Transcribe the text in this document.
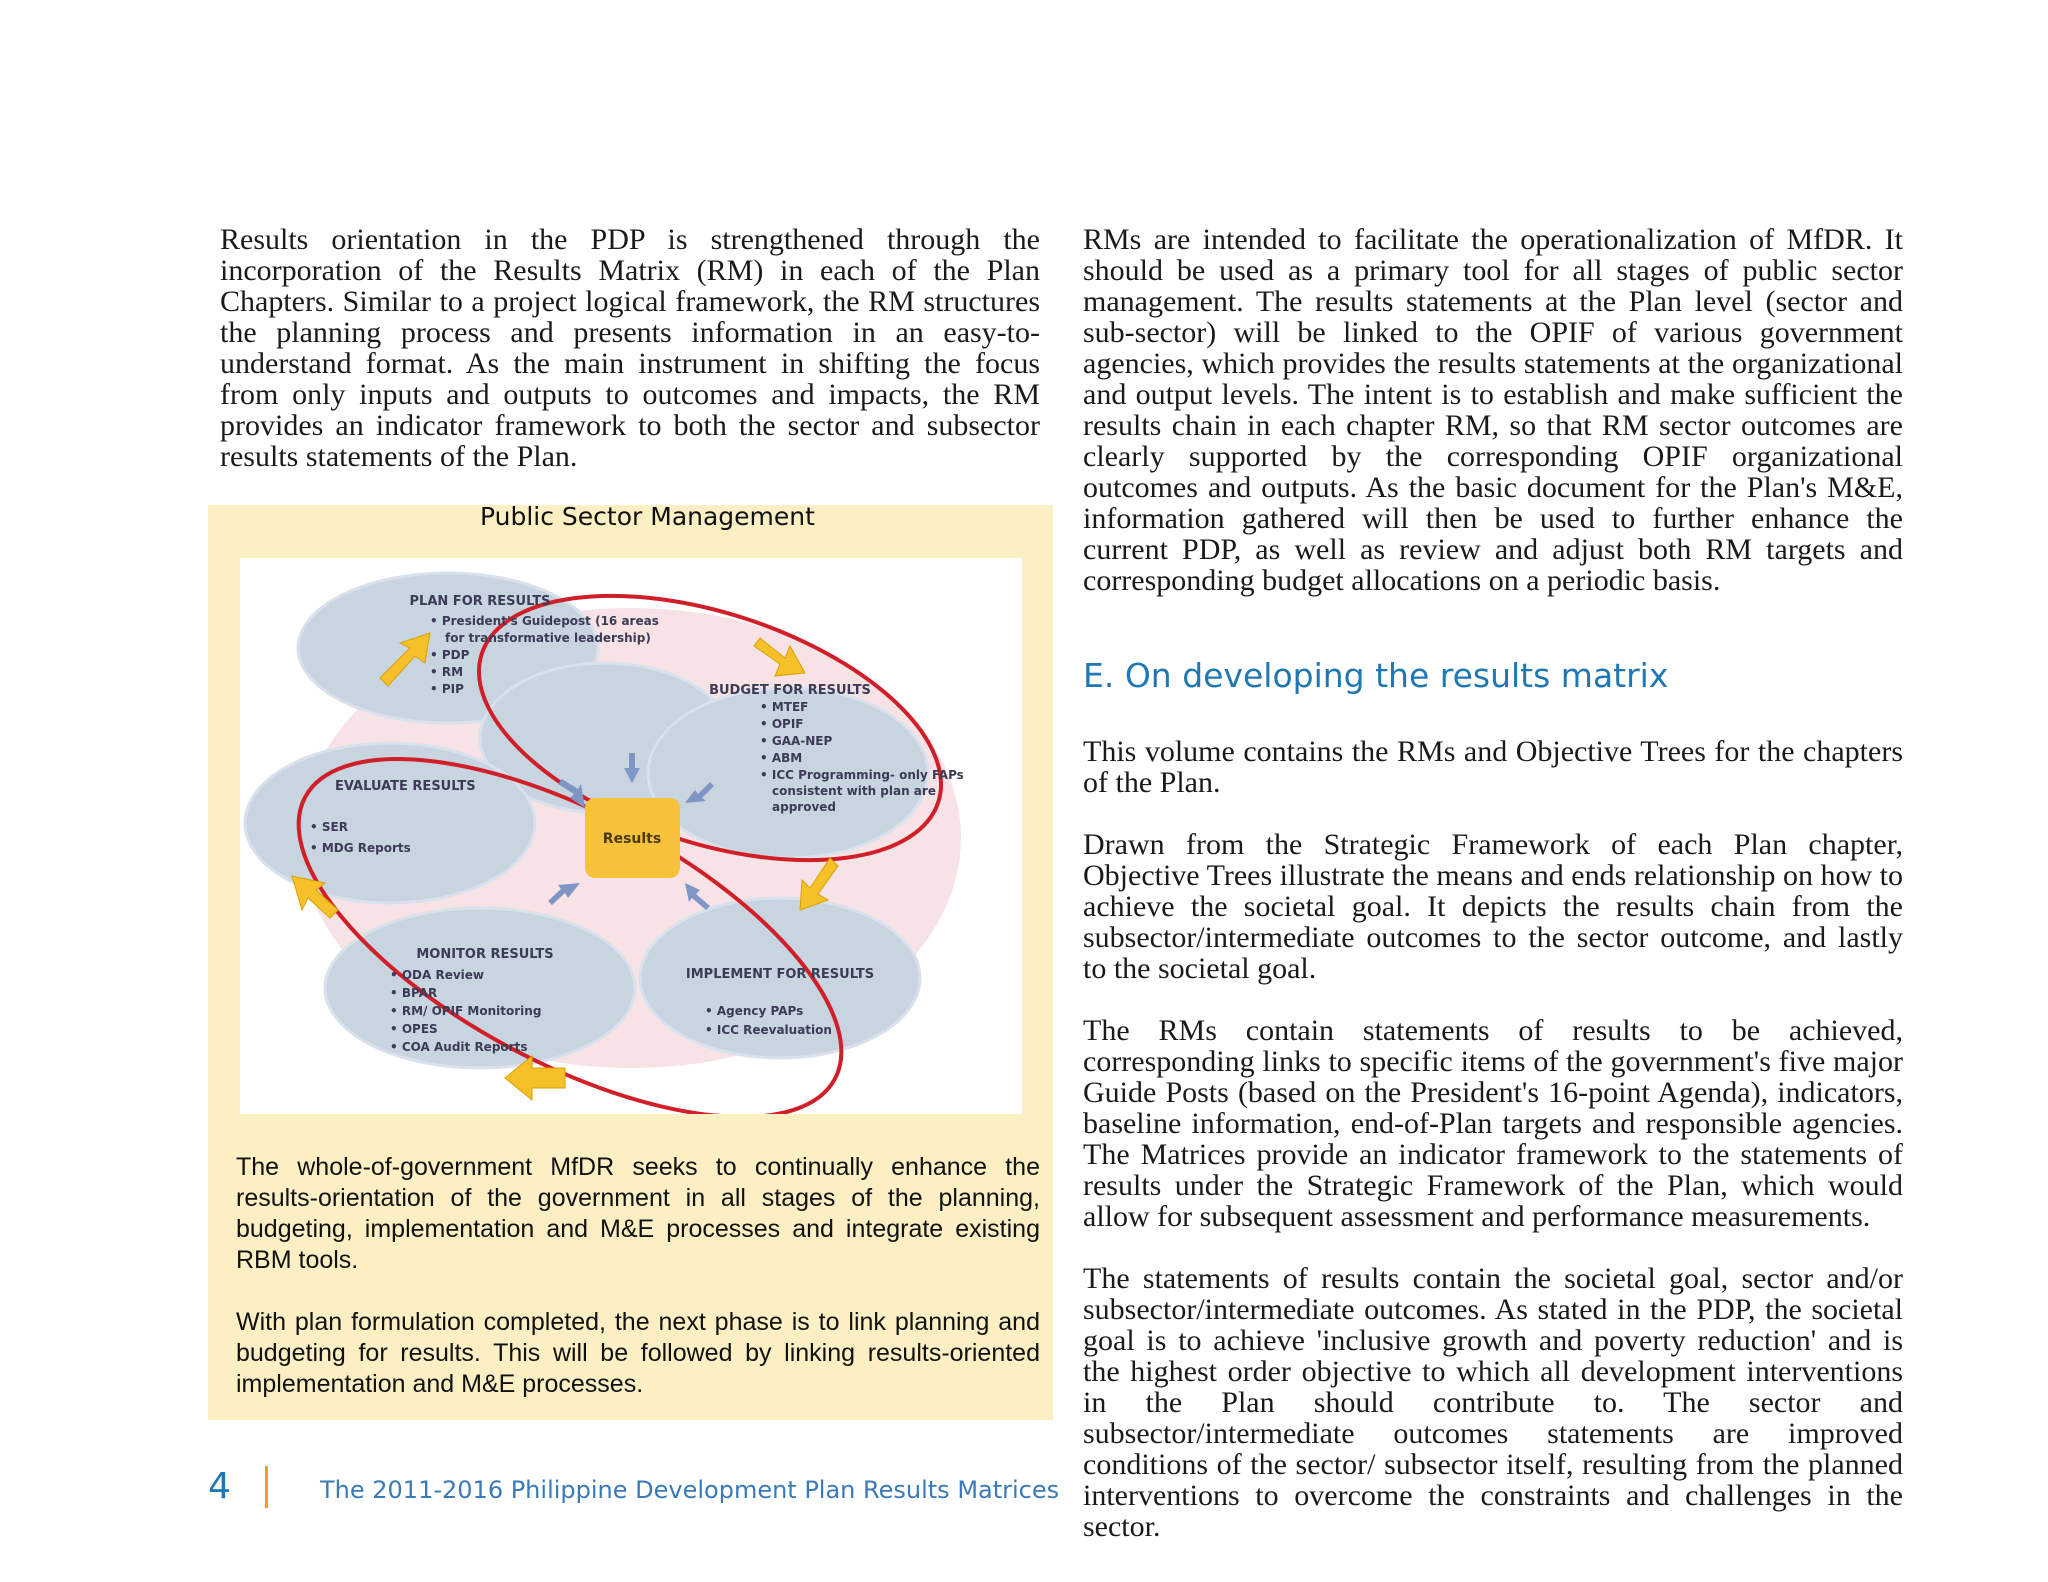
Results orientation in the PDP is strengthened through the incorporation of the Results Matrix (RM) in each of the Plan Chapters. Similar to a project logical framework, the RM structures the planning process and presents information in an easy-to-understand format. As the main instrument in shifting the focus from only inputs and outputs to outcomes and impacts, the RM provides an indicator framework to both the sector and subsector results statements of the Plan.

Public Sector Management
Results
PLAN FOR RESULTS
• President's Guidepost (16 areas
for transformative leadership)
• PDP
• RM
• PIP	BUDGET FOR RESULTS
• MTEF
• OPIF
• GAA-NEP
• ABM
• ICC Programming- only FAPs
consistent with plan are
approved
EVALUATE RESULTS
• SER
• MDG Reports
MONITOR RESULTS
• ODA Review
• BPAR
• RM/ OPIF Monitoring
• OPES
• COA Audit Reports
IMPLEMENT FOR RESULTS
• Agency PAPs
• ICC Reevaluation

The whole-of-government MfDR seeks to continually enhance the results-orientation of the government in all stages of the planning, budgeting, implementation and M&E processes and integrate existing RBM tools.

With plan formulation completed, the next phase is to link planning and budgeting for results. This will be followed by linking results-oriented implementation and M&E processes.

RMs are intended to facilitate the operationalization of MfDR. It should be used as a primary tool for all stages of public sector management. The results statements at the Plan level (sector and sub-sector) will be linked to the OPIF of various government agencies, which provides the results statements at the organizational and output levels. The intent is to establish and make sufficient the results chain in each chapter RM, so that RM sector outcomes are clearly supported by the corresponding OPIF organizational outcomes and outputs. As the basic document for the Plan's M&E, information gathered will then be used to further enhance the current PDP, as well as review and adjust both RM targets and corresponding budget allocations on a periodic basis.

E. On developing the results matrix

This volume contains the RMs and Objective Trees for the chapters of the Plan.

Drawn from the Strategic Framework of each Plan chapter, Objective Trees illustrate the means and ends relationship on how to achieve the societal goal. It depicts the results chain from the subsector/intermediate outcomes to the sector outcome, and lastly to the societal goal.

The RMs contain statements of results to be achieved, corresponding links to specific items of the government's five major Guide Posts (based on the President's 16-point Agenda), indicators, baseline information, end-of-Plan targets and responsible agencies. The Matrices provide an indicator framework to the statements of results under the Strategic Framework of the Plan, which would allow for subsequent assessment and performance measurements.

The statements of results contain the societal goal, sector and/or subsector/intermediate outcomes. As stated in the PDP, the societal goal is to achieve 'inclusive growth and poverty reduction' and is the highest order objective to which all development interventions in the Plan should contribute to. The sector and subsector/intermediate outcomes statements are improved conditions of the sector/ subsector itself, resulting from the planned interventions to overcome the constraints and challenges in the sector.

4	The 2011-2016 Philippine Development Plan Results Matrices
